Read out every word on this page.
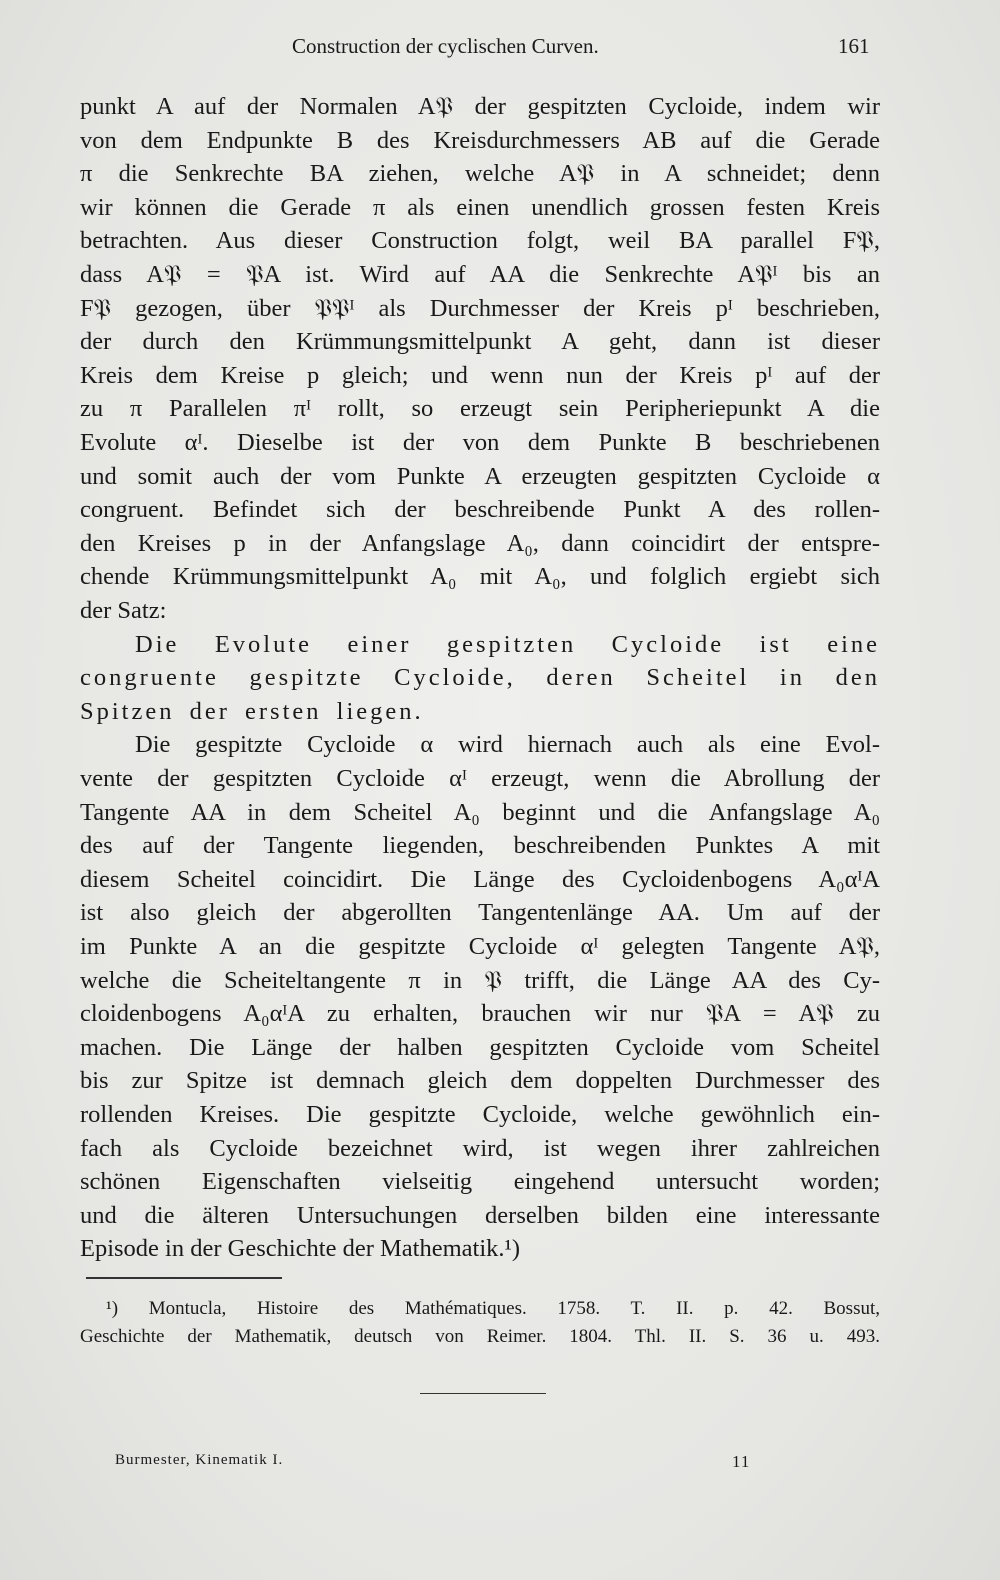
Construction der cyclischen Curven.	161
punkt A auf der Normalen A𝔓 der gespitzten Cycloide, indem wir
von dem Endpunkte B des Kreisdurchmessers AB auf die Gerade
π die Senkrechte BA ziehen, welche A𝔓 in A schneidet; denn
wir können die Gerade π als einen unendlich grossen festen Kreis
betrachten. Aus dieser Construction folgt, weil BA parallel F𝔓,
dass A𝔓 = 𝔓A ist. Wird auf AA die Senkrechte A𝔓ᴵ bis an
F𝔓 gezogen, über 𝔓𝔓ᴵ als Durchmesser der Kreis pᴵ beschrieben,
der durch den Krümmungsmittelpunkt A geht, dann ist dieser
Kreis dem Kreise p gleich; und wenn nun der Kreis pᴵ auf der
zu π Parallelen πᴵ rollt, so erzeugt sein Peripheriepunkt A die
Evolute αᴵ. Dieselbe ist der von dem Punkte B beschriebenen
und somit auch der vom Punkte A erzeugten gespitzten Cycloide α
congruent. Befindet sich der beschreibende Punkt A des rollen-
den Kreises p in der Anfangslage A₀, dann coincidirt der entspre-
chende Krümmungsmittelpunkt A₀ mit A₀, und folglich ergiebt sich
der Satz:
Die Evolute einer gespitzten Cycloide ist eine
congruente gespitzte Cycloide, deren Scheitel in den
Spitzen der ersten liegen.
Die gespitzte Cycloide α wird hiernach auch als eine Evol-
vente der gespitzten Cycloide αᴵ erzeugt, wenn die Abrollung der
Tangente AA in dem Scheitel A₀ beginnt und die Anfangslage A₀
des auf der Tangente liegenden, beschreibenden Punktes A mit
diesem Scheitel coincidirt. Die Länge des Cycloidenbogens A₀αᴵA
ist also gleich der abgerollten Tangentenlänge AA. Um auf der
im Punkte A an die gespitzte Cycloide αᴵ gelegten Tangente A𝔓,
welche die Scheiteltangente π in 𝔓 trifft, die Länge AA des Cy-
cloidenbogens A₀αᴵA zu erhalten, brauchen wir nur 𝔓A = A𝔓 zu
machen. Die Länge der halben gespitzten Cycloide vom Scheitel
bis zur Spitze ist demnach gleich dem doppelten Durchmesser des
rollenden Kreises. Die gespitzte Cycloide, welche gewöhnlich ein-
fach als Cycloide bezeichnet wird, ist wegen ihrer zahlreichen
schönen Eigenschaften vielseitig eingehend untersucht worden;
und die älteren Untersuchungen derselben bilden eine interessante
Episode in der Geschichte der Mathematik.¹)
¹) Montucla, Histoire des Mathématiques. 1758. T. II. p. 42. Bossut,
Geschichte der Mathematik, deutsch von Reimer. 1804. Thl. II. S. 36 u. 493.
Burmester, Kinematik I.	11
